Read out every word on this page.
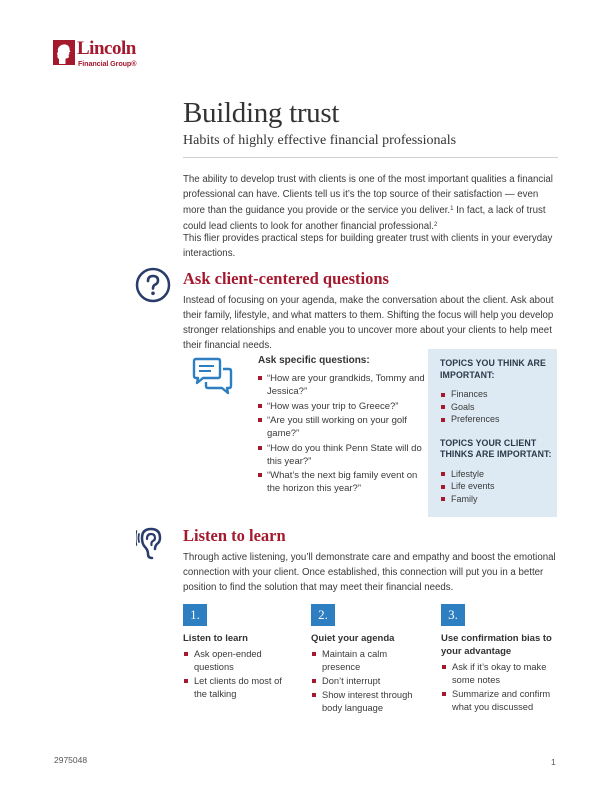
Lincoln
Financial Group®
Building trust
Habits of highly effective financial professionals

The ability to develop trust with clients is one of the most important qualities a financial professional can have. Clients tell us it’s the top source of their satisfaction — even more than the guidance you provide or the service you deliver.$^1$ In fact, a lack of trust could lead clients to look for another financial professional.$^2$

This flier provides practical steps for building greater trust with clients in your everyday interactions.

Ask client-centered questions

Instead of focusing on your agenda, make the conversation about the client. Ask about their family, lifestyle, and what matters to them. Shifting the focus will help you develop stronger relationships and enable you to uncover more about your clients to help meet their financial needs.

Ask specific questions:
“How are your grandkids, Tommy and Jessica?”
“How was your trip to Greece?”
“Are you still working on your golf game?”
“How do you think Penn State will do this year?”
“What’s the next big family event on the horizon this year?”
TOPICS YOU THINK ARE IMPORTANT:
Finances
Goals
Preferences
TOPICS YOUR CLIENT THINKS ARE IMPORTANT:
Lifestyle
Life events
Family
Listen to learn

Through active listening, you’ll demonstrate care and empathy and boost the emotional connection with your client. Once established, this connection will put you in a better position to find the solution that may meet their financial needs.

1.
Listen to learn
Ask open-ended questions
Let clients do most of the talking
2.
Quiet your agenda
Maintain a calm presence
Don’t interrupt
Show interest through body language
3.
Use confirmation bias to your advantage
Ask if it’s okay to make some notes
Summarize and confirm what you discussed
2975048	1
